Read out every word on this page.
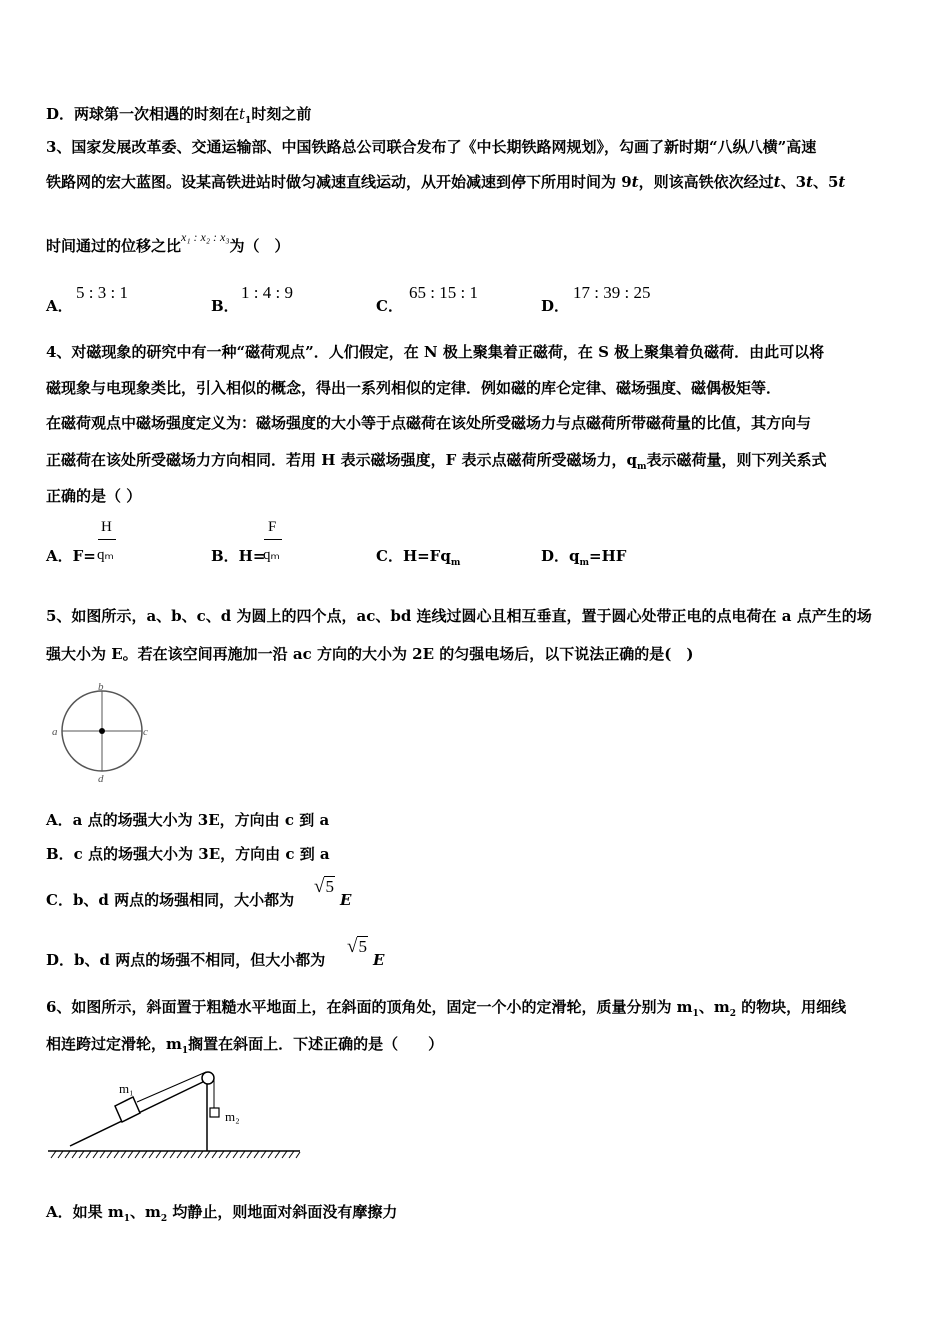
D．两球第一次相遇的时刻在$t_1$时刻之前
3、国家发展改革委、交通运输部、中国铁路总公司联合发布了《中长期铁路网规划》，勾画了新时期“八纵八横”高速
铁路网的宏大蓝图。设某高铁进站时做匀减速直线运动，从开始减速到停下所用时间为 9t，则该高铁依次经过t、3t、5t
时间通过的位移之比$^{x_1 : x_2 : x_3}$为（　）
A．
5 : 3 : 1
B．
1 : 4 : 9
C．
65 : 15 : 1
D．
17 : 39 : 25
4、对磁现象的研究中有一种“磁荷观点”．人们假定，在 N 极上聚集着正磁荷，在 S 极上聚集着负磁荷．由此可以将
磁现象与电现象类比，引入相似的概念，得出一系列相似的定律．例如磁的库仑定律、磁场强度、磁偶极矩等．
在磁荷观点中磁场强度定义为：磁场强度的大小等于点磁荷在该处所受磁场力与点磁荷所带磁荷量的比值，其方向与
正磁荷在该处所受磁场力方向相同．若用 H 表示磁场强度，F 表示点磁荷所受磁场力，$q_m$表示磁荷量，则下列关系式
正确的是（ ）
A．F=
H
qₘ	B．H=
F
qₘ	C．$H=Fq_m$	D．$q_m=HF$
5、如图所示，a、b、c、d 为圆上的四个点，ac、bd 连线过圆心且相互垂直，置于圆心处带正电的点电荷在 a 点产生的场
强大小为 E。若在该空间再施加一沿 ac 方向的大小为 2E 的匀强电场后，以下说法正确的是(　)
b
a	c
d
A．a 点的场强大小为 3E，方向由 c 到 a
B．c 点的场强大小为 3E，方向由 c 到 a
C．b、d 两点的场强相同，大小都为
√5
E
D．b、d 两点的场强不相同，但大小都为
√5
E
6、如图所示，斜面置于粗糙水平地面上，在斜面的顶角处，固定一个小的定滑轮，质量分别为 $m_1$、$m_2$ 的物块，用细线
相连跨过定滑轮，$m_1$搁置在斜面上．下述正确的是（　　）
m₁
m₂
A．如果 $m_1$、$m_2$ 均静止，则地面对斜面没有摩擦力
